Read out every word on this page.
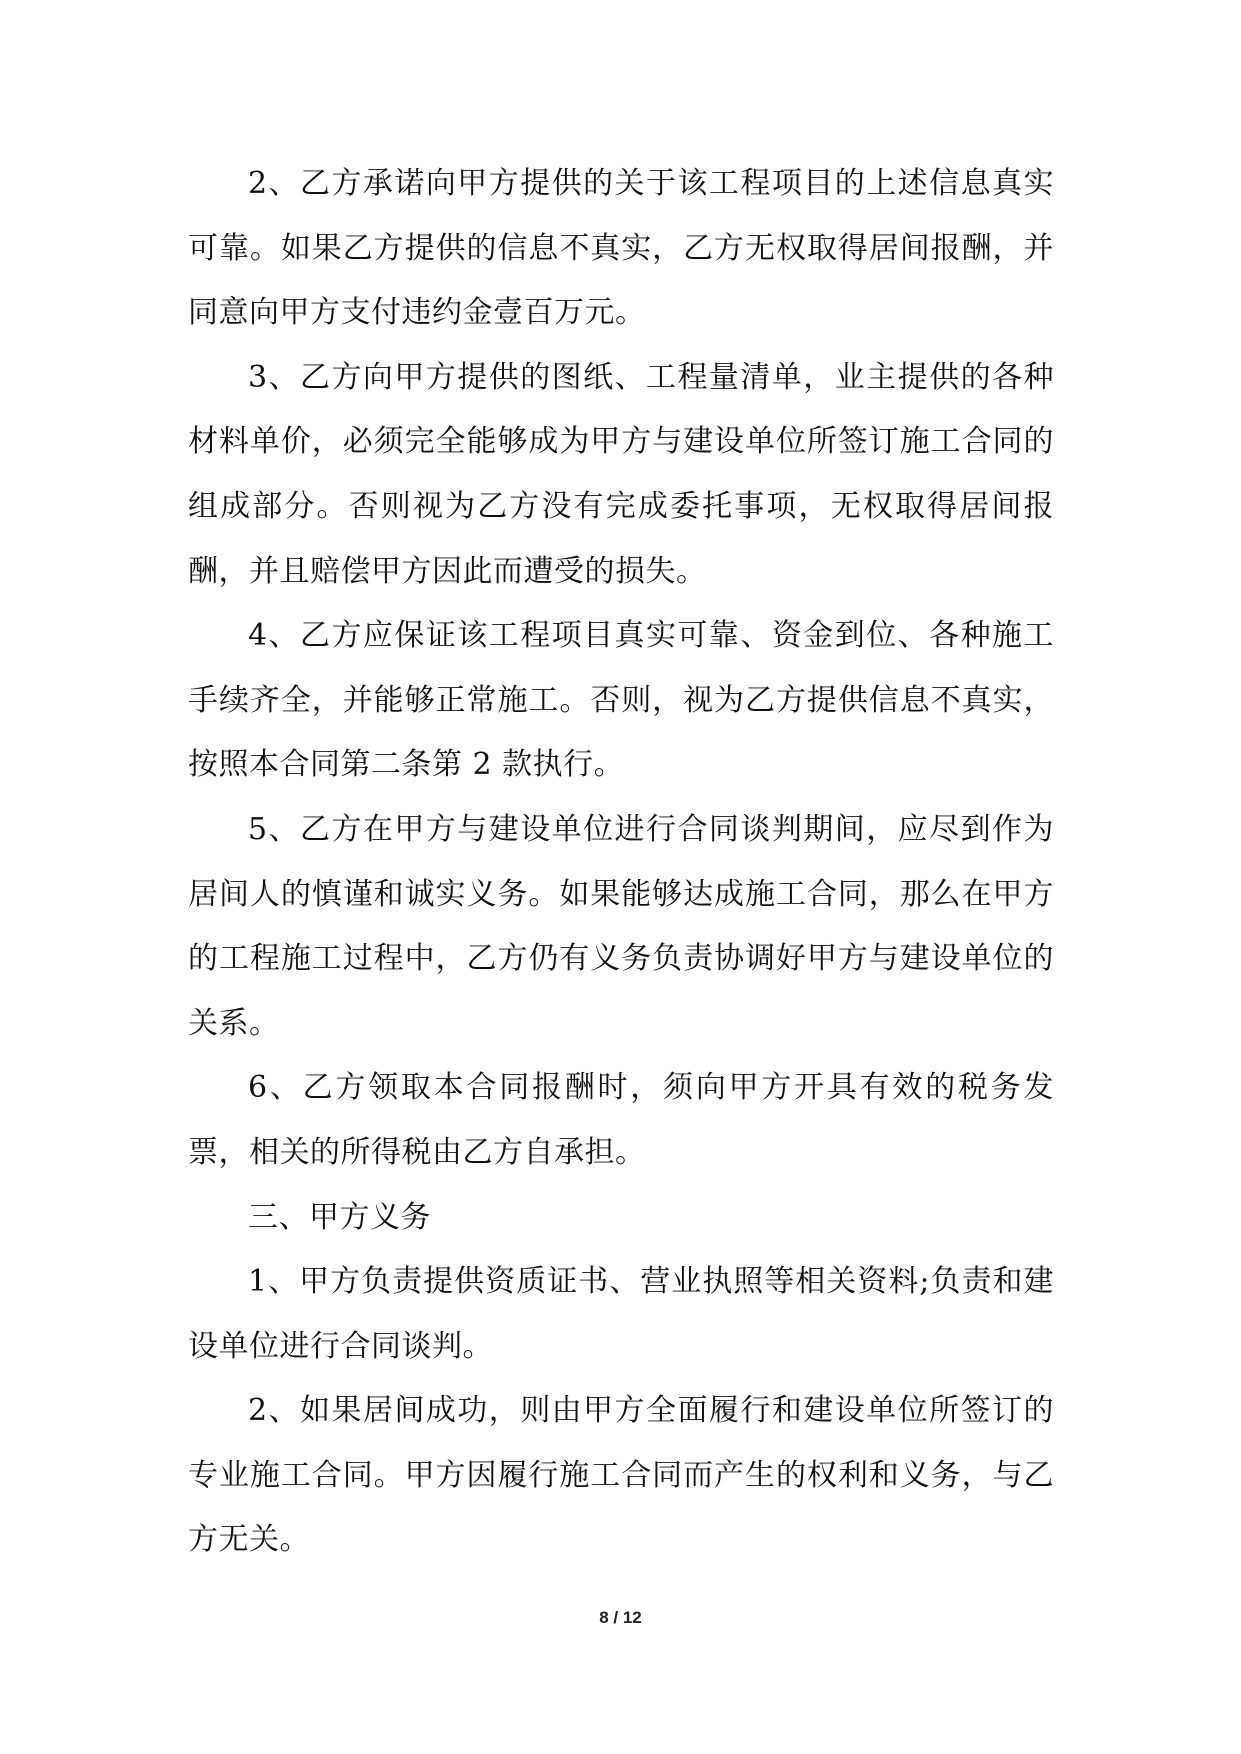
2、乙方承诺向甲方提供的关于该工程项目的上述信息真实可靠。如果乙方提供的信息不真实，乙方无权取得居间报酬，并同意向甲方支付违约金壹百万元。

3、乙方向甲方提供的图纸、工程量清单，业主提供的各种材料单价，必须完全能够成为甲方与建设单位所签订施工合同的组成部分。否则视为乙方没有完成委托事项，无权取得居间报酬，并且赔偿甲方因此而遭受的损失。

4、乙方应保证该工程项目真实可靠、资金到位、各种施工手续齐全，并能够正常施工。否则，视为乙方提供信息不真实，按照本合同第二条第 2 款执行。

5、乙方在甲方与建设单位进行合同谈判期间，应尽到作为居间人的慎谨和诚实义务。如果能够达成施工合同，那么在甲方的工程施工过程中，乙方仍有义务负责协调好甲方与建设单位的关系。

6、乙方领取本合同报酬时，须向甲方开具有效的税务发票，相关的所得税由乙方自承担。

三、甲方义务

1、甲方负责提供资质证书、营业执照等相关资料;负责和建设单位进行合同谈判。

2、如果居间成功，则由甲方全面履行和建设单位所签订的专业施工合同。甲方因履行施工合同而产生的权利和义务，与乙方无关。

8 / 12
